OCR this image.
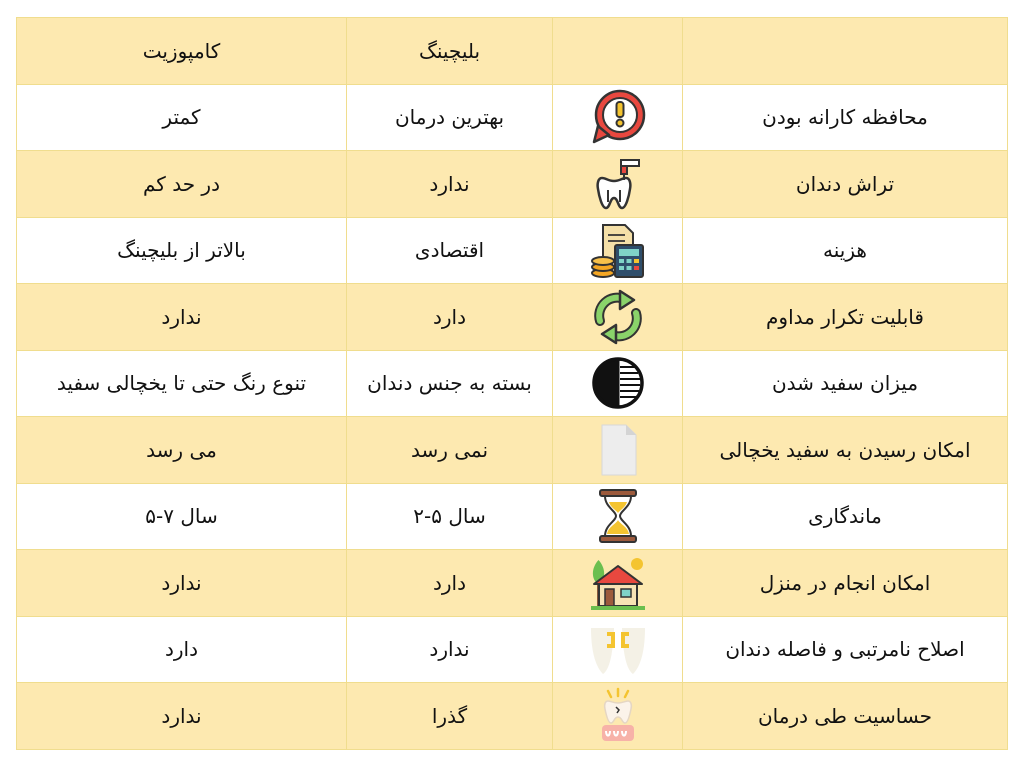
کامپوزیت	بلیچینگ		
کمتر	بهترین درمان		محافظه کارانه بودن
در حد کم	ندارد		تراش دندان
بالاتر از بلیچینگ	اقتصادی		هزینه
ندارد	دارد		قابلیت تکرار مداوم
تنوع رنگ حتی تا یخچالی سفید	بسته به جنس دندان		میزان سفید شدن
می رسد	نمی رسد		امکان رسیدن به سفید یخچالی
۵-۷ سال	۲-۵ سال		ماندگاری
ندارد	دارد		امکان انجام در منزل
دارد	ندارد		اصلاح نامرتبی و فاصله دندان
ندارد	گذرا		حساسیت طی درمان
